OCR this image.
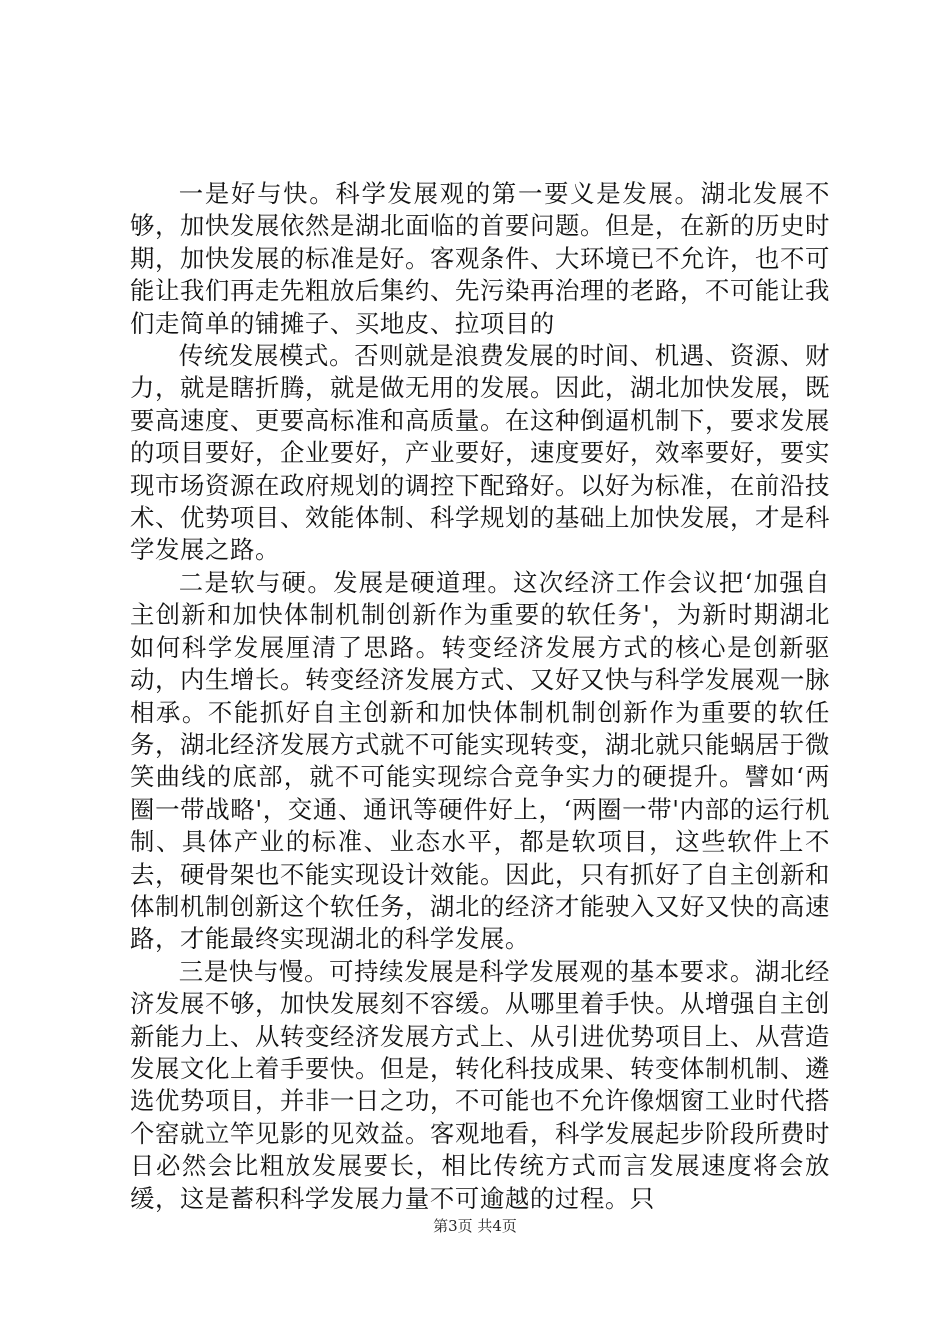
一是好与快。科学发展观的第一要义是发展。湖北发展不够，加快发展依然是湖北面临的首要问题。但是，在新的历史时期，加快发展的标准是好。客观条件、大环境已不允许，也不可能让我们再走先粗放后集约、先污染再治理的老路，不可能让我们走简单的铺摊子、买地皮、拉项目的

传统发展模式。否则就是浪费发展的时间、机遇、资源、财力，就是瞎折腾，就是做无用的发展。因此，湖北加快发展，既要高速度、更要高标准和高质量。在这种倒逼机制下，要求发展的项目要好，企业要好，产业要好，速度要好，效率要好，要实现市场资源在政府规划的调控下配臵好。以好为标准，在前沿技术、优势项目、效能体制、科学规划的基础上加快发展，才是科学发展之路。

二是软与硬。发展是硬道理。这次经济工作会议把‘加强自主创新和加快体制机制创新作为重要的软任务'，为新时期湖北如何科学发展厘清了思路。转变经济发展方式的核心是创新驱动，内生增长。转变经济发展方式、又好又快与科学发展观一脉相承。不能抓好自主创新和加快体制机制创新作为重要的软任务，湖北经济发展方式就不可能实现转变，湖北就只能蜗居于微笑曲线的底部，就不可能实现综合竞争实力的硬提升。譬如‘两圈一带战略'，交通、通讯等硬件好上，‘两圈一带'内部的运行机制、具体产业的标准、业态水平，都是软项目，这些软件上不去，硬骨架也不能实现设计效能。因此，只有抓好了自主创新和体制机制创新这个软任务，湖北的经济才能驶入又好又快的高速路，才能最终实现湖北的科学发展。

三是快与慢。可持续发展是科学发展观的基本要求。湖北经济发展不够，加快发展刻不容缓。从哪里着手快。从增强自主创新能力上、从转变经济发展方式上、从引进优势项目上、从营造发展文化上着手要快。但是，转化科技成果、转变体制机制、遴选优势项目，并非一日之功，不可能也不允许像烟窗工业时代搭个窑就立竿见影的见效益。客观地看，科学发展起步阶段所费时日必然会比粗放发展要长，相比传统方式而言发展速度将会放缓，这是蓄积科学发展力量不可逾越的过程。只

第3页 共4页
